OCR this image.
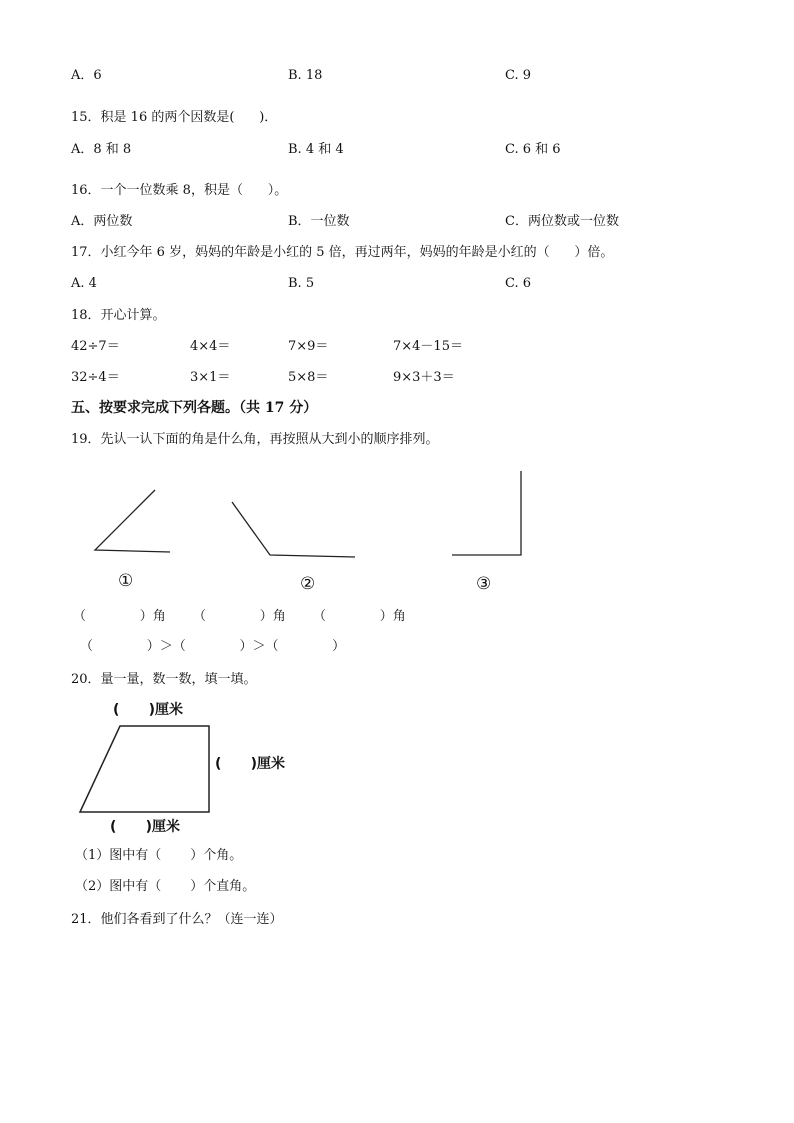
A．6	B. 18	C. 9
15．积是 16 的两个因数是(      )．
A．8 和 8	B. 4 和 4	C. 6 和 6
16．一个一位数乘 8，积是（      ）。
A．两位数	B．一位数	C．两位数或一位数
17．小红今年 6 岁，妈妈的年龄是小红的 5 倍，再过两年，妈妈的年龄是小红的（      ）倍。
A. 4	B. 5	C. 6
18．开心计算。
42÷7＝	4×4＝	7×9＝	7×4－15＝
32÷4＝	3×1＝	5×8＝	9×3＋3＝
五、按要求完成下列各题。（共 17 分）
19．先认一认下面的角是什么角，再按照从大到小的顺序排列。
①	②	③
（             ）角 （             ）角 （             ）角
（             ）＞（             ）＞（             ）
20．量一量，数一数，填一填。
(      )厘米
(      )厘米
(      )厘米
（1）图中有（       ）个角。
（2）图中有（       ）个直角。
21．他们各看到了什么？（连一连）
